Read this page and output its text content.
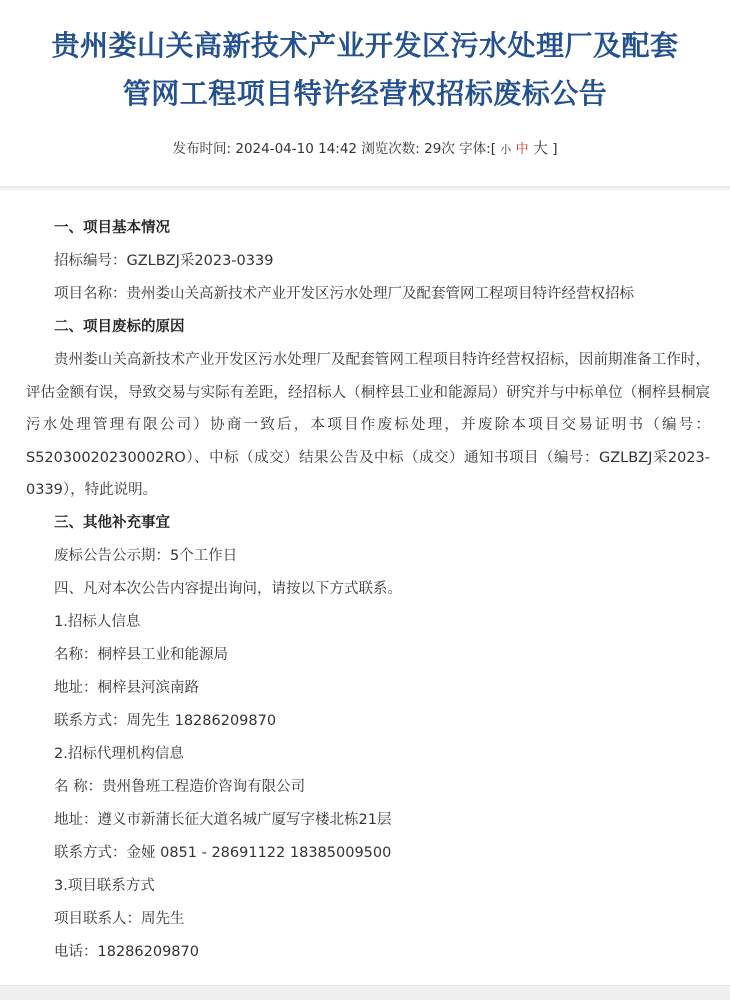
贵州娄山关高新技术产业开发区污水处理厂及配套
管网工程项目特许经营权招标废标公告
发布时间: 2024-04-10 14:42 浏览次数: 29次 字体:[ 小 中 大 ]
一、项目基本情况
招标编号：GZLBZJ采2023-0339
项目名称：贵州娄山关高新技术产业开发区污水处理厂及配套管网工程项目特许经营权招标
二、项目废标的原因

贵州娄山关高新技术产业开发区污水处理厂及配套管网工程项目特许经营权招标，因前期准备工作时，评估金额有误，导致交易与实际有差距，经招标人（桐梓县工业和能源局）研究并与中标单位（桐梓县桐宸污水处理管理有限公司）协商一致后，本项目作废标处理，并废除本项目交易证明书（编号：S52030020230002RO）、中标（成交）结果公告及中标（成交）通知书项目（编号：GZLBZJ采2023-0339），特此说明。

三、其他补充事宜
废标公告公示期：5个工作日
四、凡对本次公告内容提出询问，请按以下方式联系。
1.招标人信息
名称：桐梓县工业和能源局
地址：桐梓县河滨南路
联系方式：周先生 18286209870
2.招标代理机构信息
名 称：贵州鲁班工程造价咨询有限公司
地址：遵义市新蒲长征大道名城广厦写字楼北栋21层
联系方式：金娅 0851 - 28691122 18385009500
3.项目联系方式
项目联系人：周先生
电话：18286209870
